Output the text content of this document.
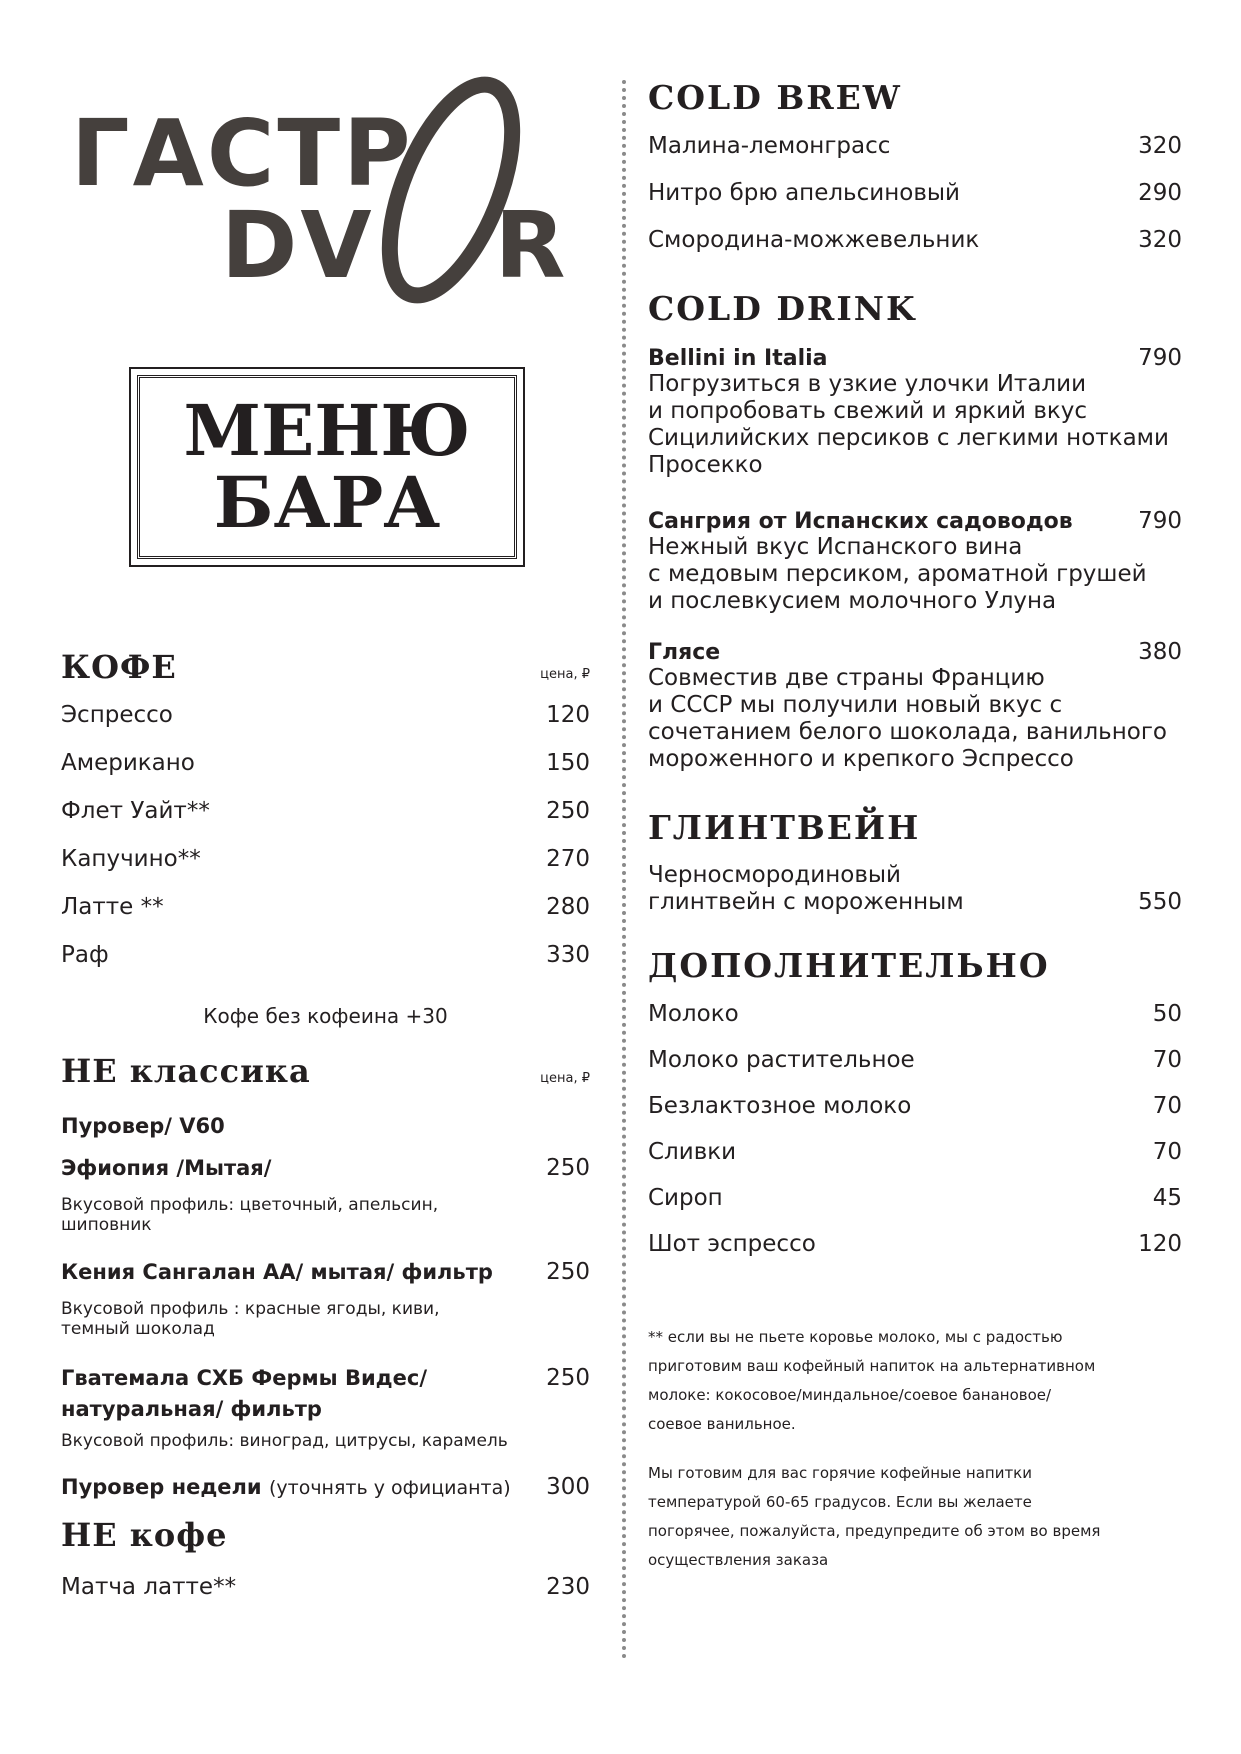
ГАСТР
DV R
МЕНЮ
БАРА
КОФЕ	цена, ₽
Эспрессо	120
Американо	150
Флет Уайт**	250
Капучино**	270
Латте **	280
Раф	330
Кофе без кофеина +30
НЕ классика	цена, ₽
Пуровер/ V60
Эфиопия /Мытая/	250
Вкусовой профиль: цветочный, апельсин, шиповник
Кения Сангалан АА/ мытая/ фильтр 250
Вкусовой профиль : красные ягоды, киви, темный шоколад
Гватемала СХБ Фермы Видес/	250
натуральная/ фильтр
Вкусовой профиль: виноград, цитрусы, карамель
Пуровер недели (уточнять у официанта) 300
НЕ кофе
Матча латте**	230
COLD BREW
Малина-лемонграсс	320
Нитро брю апельсиновый	290
Смородина-можжевельник	320
COLD DRINK
Bellini in Italia	790
Погрузиться в узкие улочки Италии
и попробовать свежий и яркий вкус
Сицилийских персиков с легкими нотками
Просекко
Сангрия от Испанских садоводов	790
Нежный вкус Испанского вина
с медовым персиком, ароматной грушей
и послевкусием молочного Улуна
Глясе	380
Совместив две страны Францию
и СССР мы получили новый вкус с
сочетанием белого шоколада, ванильного
мороженного и крепкого Эспрессо
ГЛИНТВЕЙН
Черносмородиновый
глинтвейн с мороженным	550
ДОПОЛНИТЕЛЬНО
Молоко	50
Молоко растительное	70
Безлактозное молоко	70
Сливки	70
Сироп	45
Шот эспрессо	120
** если вы не пьете коровье молоко, мы с радостью
приготовим ваш кофейный напиток на альтернативном
молоке: кокосовое/миндальное/соевое банановое/
соевое ванильное.
Мы готовим для вас горячие кофейные напитки
температурой 60-65 градусов. Если вы желаете
погорячее, пожалуйста, предупредите об этом во время
осуществления заказа
